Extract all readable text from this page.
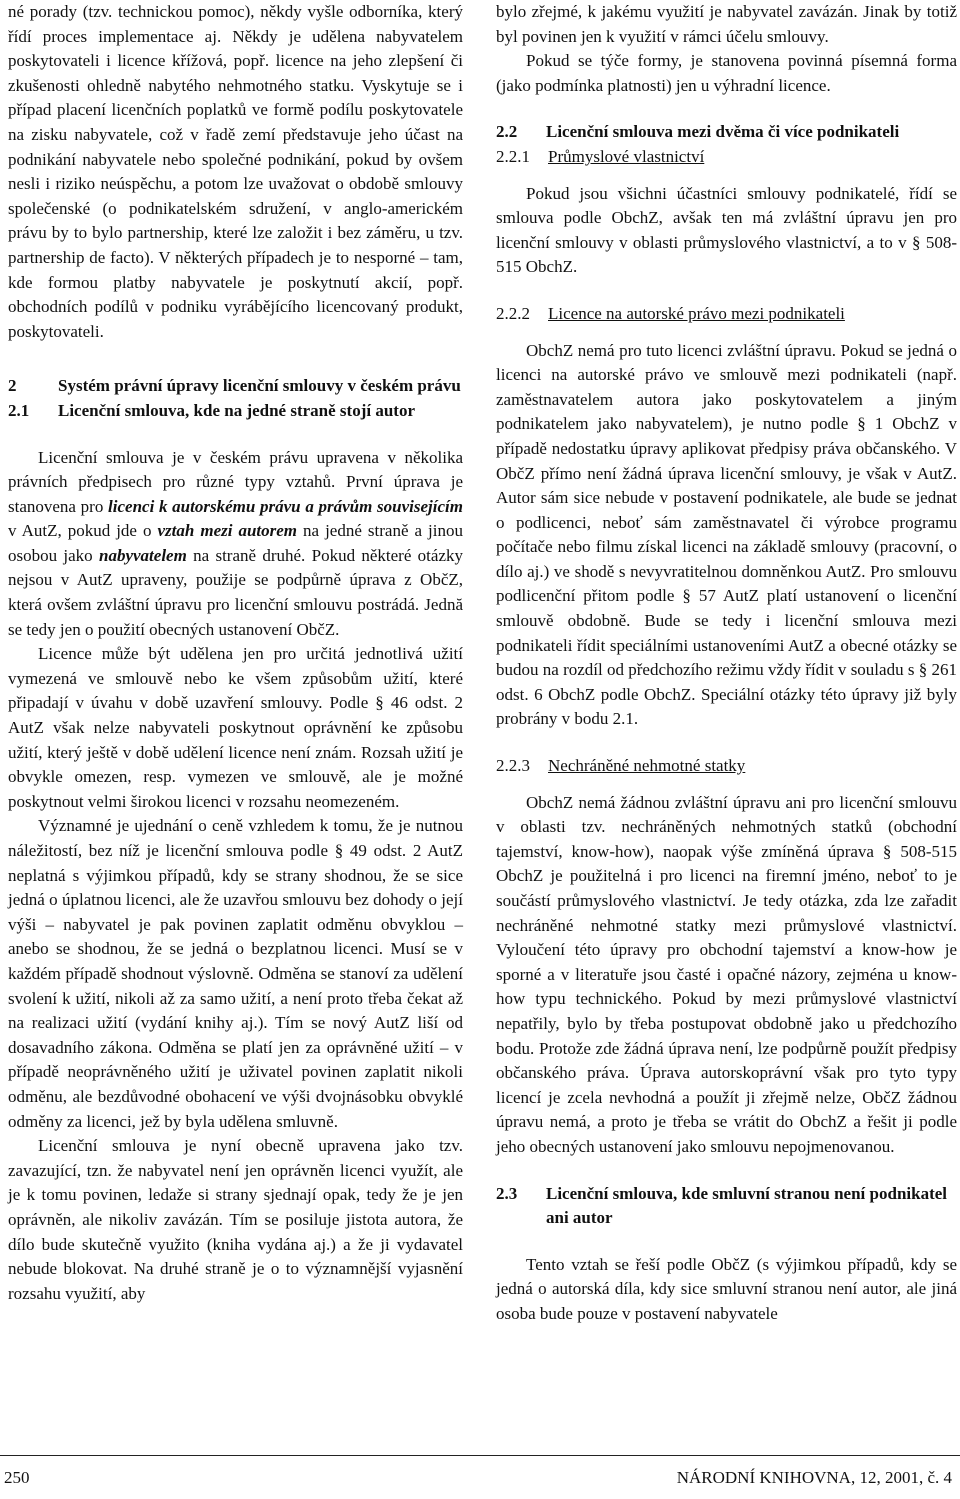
né porady (tzv. technickou pomoc), někdy vyšle odborníka, který řídí proces implementace aj. Někdy je udělena nabyvatelem poskytovateli i licence křížová, popř. licence na jeho zlepšení či zkušenosti ohledně nabytého nehmotného statku. Vyskytuje se i případ placení licenčních poplatků ve formě podílu poskytovatele na zisku nabyvatele, což v řadě zemí představuje jeho účast na podnikání nabyvatele nebo společné podnikání, pokud by ovšem nesli i riziko neúspěchu, a potom lze uvažovat o obdobě smlouvy společenské (o podnikatelském sdružení, v anglo-americkém právu by to bylo partnership, které lze založit i bez záměru, u tzv. partnership de facto). V některých případech je to nesporné – tam, kde formou platby nabyvatele je poskytnutí akcií, popř. obchodních podílů v podniku vyrábějícího licencovaný produkt, poskytovateli.

2	Systém právní úpravy licenční smlouvy v českém právu
2.1	Licenční smlouva, kde na jedné straně stojí autor

Licenční smlouva je v českém právu upravena v několika právních předpisech pro různé typy vztahů. První úprava je stanovena pro licenci k autorskému právu a právům souvisejícím v AutZ, pokud jde o vztah mezi autorem na jedné straně a jinou osobou jako nabyvatelem na straně druhé. Pokud některé otázky nejsou v AutZ upraveny, použije se podpůrně úprava z ObčZ, která ovšem zvláštní úpravu pro licenční smlouvu postrádá. Jednă se tedy jen o použití obecných ustanovení ObčZ.

Licence může být udělena jen pro určitá jednotlivá užití vymezená ve smlouvě nebo ke všem způsobům užití, které připadají v úvahu v době uzavření smlouvy. Podle § 46 odst. 2 AutZ však nelze nabyvateli poskytnout oprávnění ke způsobu užití, který ještě v době udělení licence není znám. Rozsah užití je obvykle omezen, resp. vymezen ve smlouvě, ale je možné poskytnout velmi širokou licenci v rozsahu neomezeném.

Významné je ujednání o ceně vzhledem k tomu, že je nutnou náležitostí, bez níž je licenční smlouva podle § 49 odst. 2 AutZ neplatná s výjimkou případů, kdy se strany shodnou, že se sice jedná o úplatnou licenci, ale že uzavřou smlouvu bez dohody o její výši – nabyvatel je pak povinen zaplatit odměnu obvyklou – anebo se shodnou, že se jedná o bezplatnou licenci. Musí se v každém případě shodnout výslovně. Odměna se stanoví za udělení svolení k užití, nikoli až za samo užití, a není proto třeba čekat až na realizaci užití (vydání knihy aj.). Tím se nový AutZ liší od dosavadního zákona. Odměna se platí jen za oprávněné užití – v případě neoprávněného užití je uživatel povinen zaplatit nikoli odměnu, ale bezdůvodné obohacení ve výši dvojnásobku obvyklé odměny za licenci, jež by byla udělena smluvně.

Licenční smlouva je nyní obecně upravena jako tzv. zavazující, tzn. že nabyvatel není jen oprávněn licenci využít, ale je k tomu povinen, ledaže si strany sjednají opak, tedy že je jen oprávněn, ale nikoliv zavázán. Tím se posiluje jistota autora, že dílo bude skutečně využito (kniha vydána aj.) a že ji vydavatel nebude blokovat. Na druhé straně je o to významnější vyjasnění rozsahu využití, aby

bylo zřejmé, k jakému využití je nabyvatel zavázán. Jinak by totiž byl povinen jen k využití v rámci účelu smlouvy.

Pokud se týče formy, je stanovena povinná písemná forma (jako podmínka platnosti) jen u výhradní licence.

2.2	Licenční smlouva mezi dvěma či více podnikateli
2.2.1	Průmyslové vlastnictví

Pokud jsou všichni účastníci smlouvy podnikatelé, řídí se smlouva podle ObchZ, avšak ten má zvláštní úpravu jen pro licenční smlouvy v oblasti průmyslového vlastnictví, a to v § 508-515 ObchZ.

2.2.2	Licence na autorské právo mezi podnikateli

ObchZ nemá pro tuto licenci zvláštní úpravu. Pokud se jedná o licenci na autorské právo ve smlouvě mezi podnikateli (např. zaměstnavatelem autora jako poskytovatelem a jiným podnikatelem jako nabyvatelem), je nutno podle § 1 ObchZ v případě nedostatku úpravy aplikovat předpisy práva občanského. V ObčZ přímo není žádná úprava licenční smlouvy, je však v AutZ. Autor sám sice nebude v postavení podnikatele, ale bude se jednat o podlicenci, neboť sám zaměstnavatel či výrobce programu počítače nebo filmu získal licenci na základě smlouvy (pracovní, o dílo aj.) ve shodě s nevyvratitelnou domněnkou AutZ. Pro smlouvu podlicenční přitom podle § 57 AutZ platí ustanovení o licenční smlouvě obdobně. Bude se tedy i licenční smlouva mezi podnikateli řídit speciálními ustanoveními AutZ a obecné otázky se budou na rozdíl od předchozího režimu vždy řídit v souladu s § 261 odst. 6 ObchZ podle ObchZ. Speciální otázky této úpravy již byly probrány v bodu 2.1.

2.2.3	Nechráněné nehmotné statky

ObchZ nemá žádnou zvláštní úpravu ani pro licenční smlouvu v oblasti tzv. nechráněných nehmotných statků (obchodní tajemství, know-how), naopak výše zmíněná úprava § 508-515 ObchZ je použitelná i pro licenci na firemní jméno, neboť to je součástí průmyslového vlastnictví. Je tedy otázka, zda lze zařadit nechráněné nehmotné statky mezi průmyslové vlastnictví. Vyloučení této úpravy pro obchodní tajemství a know-how je sporné a v literatuře jsou časté i opačné názory, zejména u know-how typu technického. Pokud by mezi průmyslové vlastnictví nepatřily, bylo by třeba postupovat obdobně jako u předchozího bodu. Protože zde žádná úprava není, lze podpůrně použít předpisy občanského práva. Úprava autorskoprávní však pro tyto typy licencí je zcela nevhodná a použít ji zřejmě nelze, ObčZ žádnou úpravu nemá, a proto je třeba se vrátit do ObchZ a řešit ji podle jeho obecných ustanovení jako smlouvu nepojmenovanou.

2.3	Licenční smlouva, kde smluvní stranou není podnikatel ani autor

Tento vztah se řeší podle ObčZ (s výjimkou případů, kdy se jedná o autorská díla, kdy sice smluvní stranou není autor, ale jiná osoba bude pouze v postavení nabyvatele

250	NÁRODNÍ KNIHOVNA, 12, 2001, č. 4
